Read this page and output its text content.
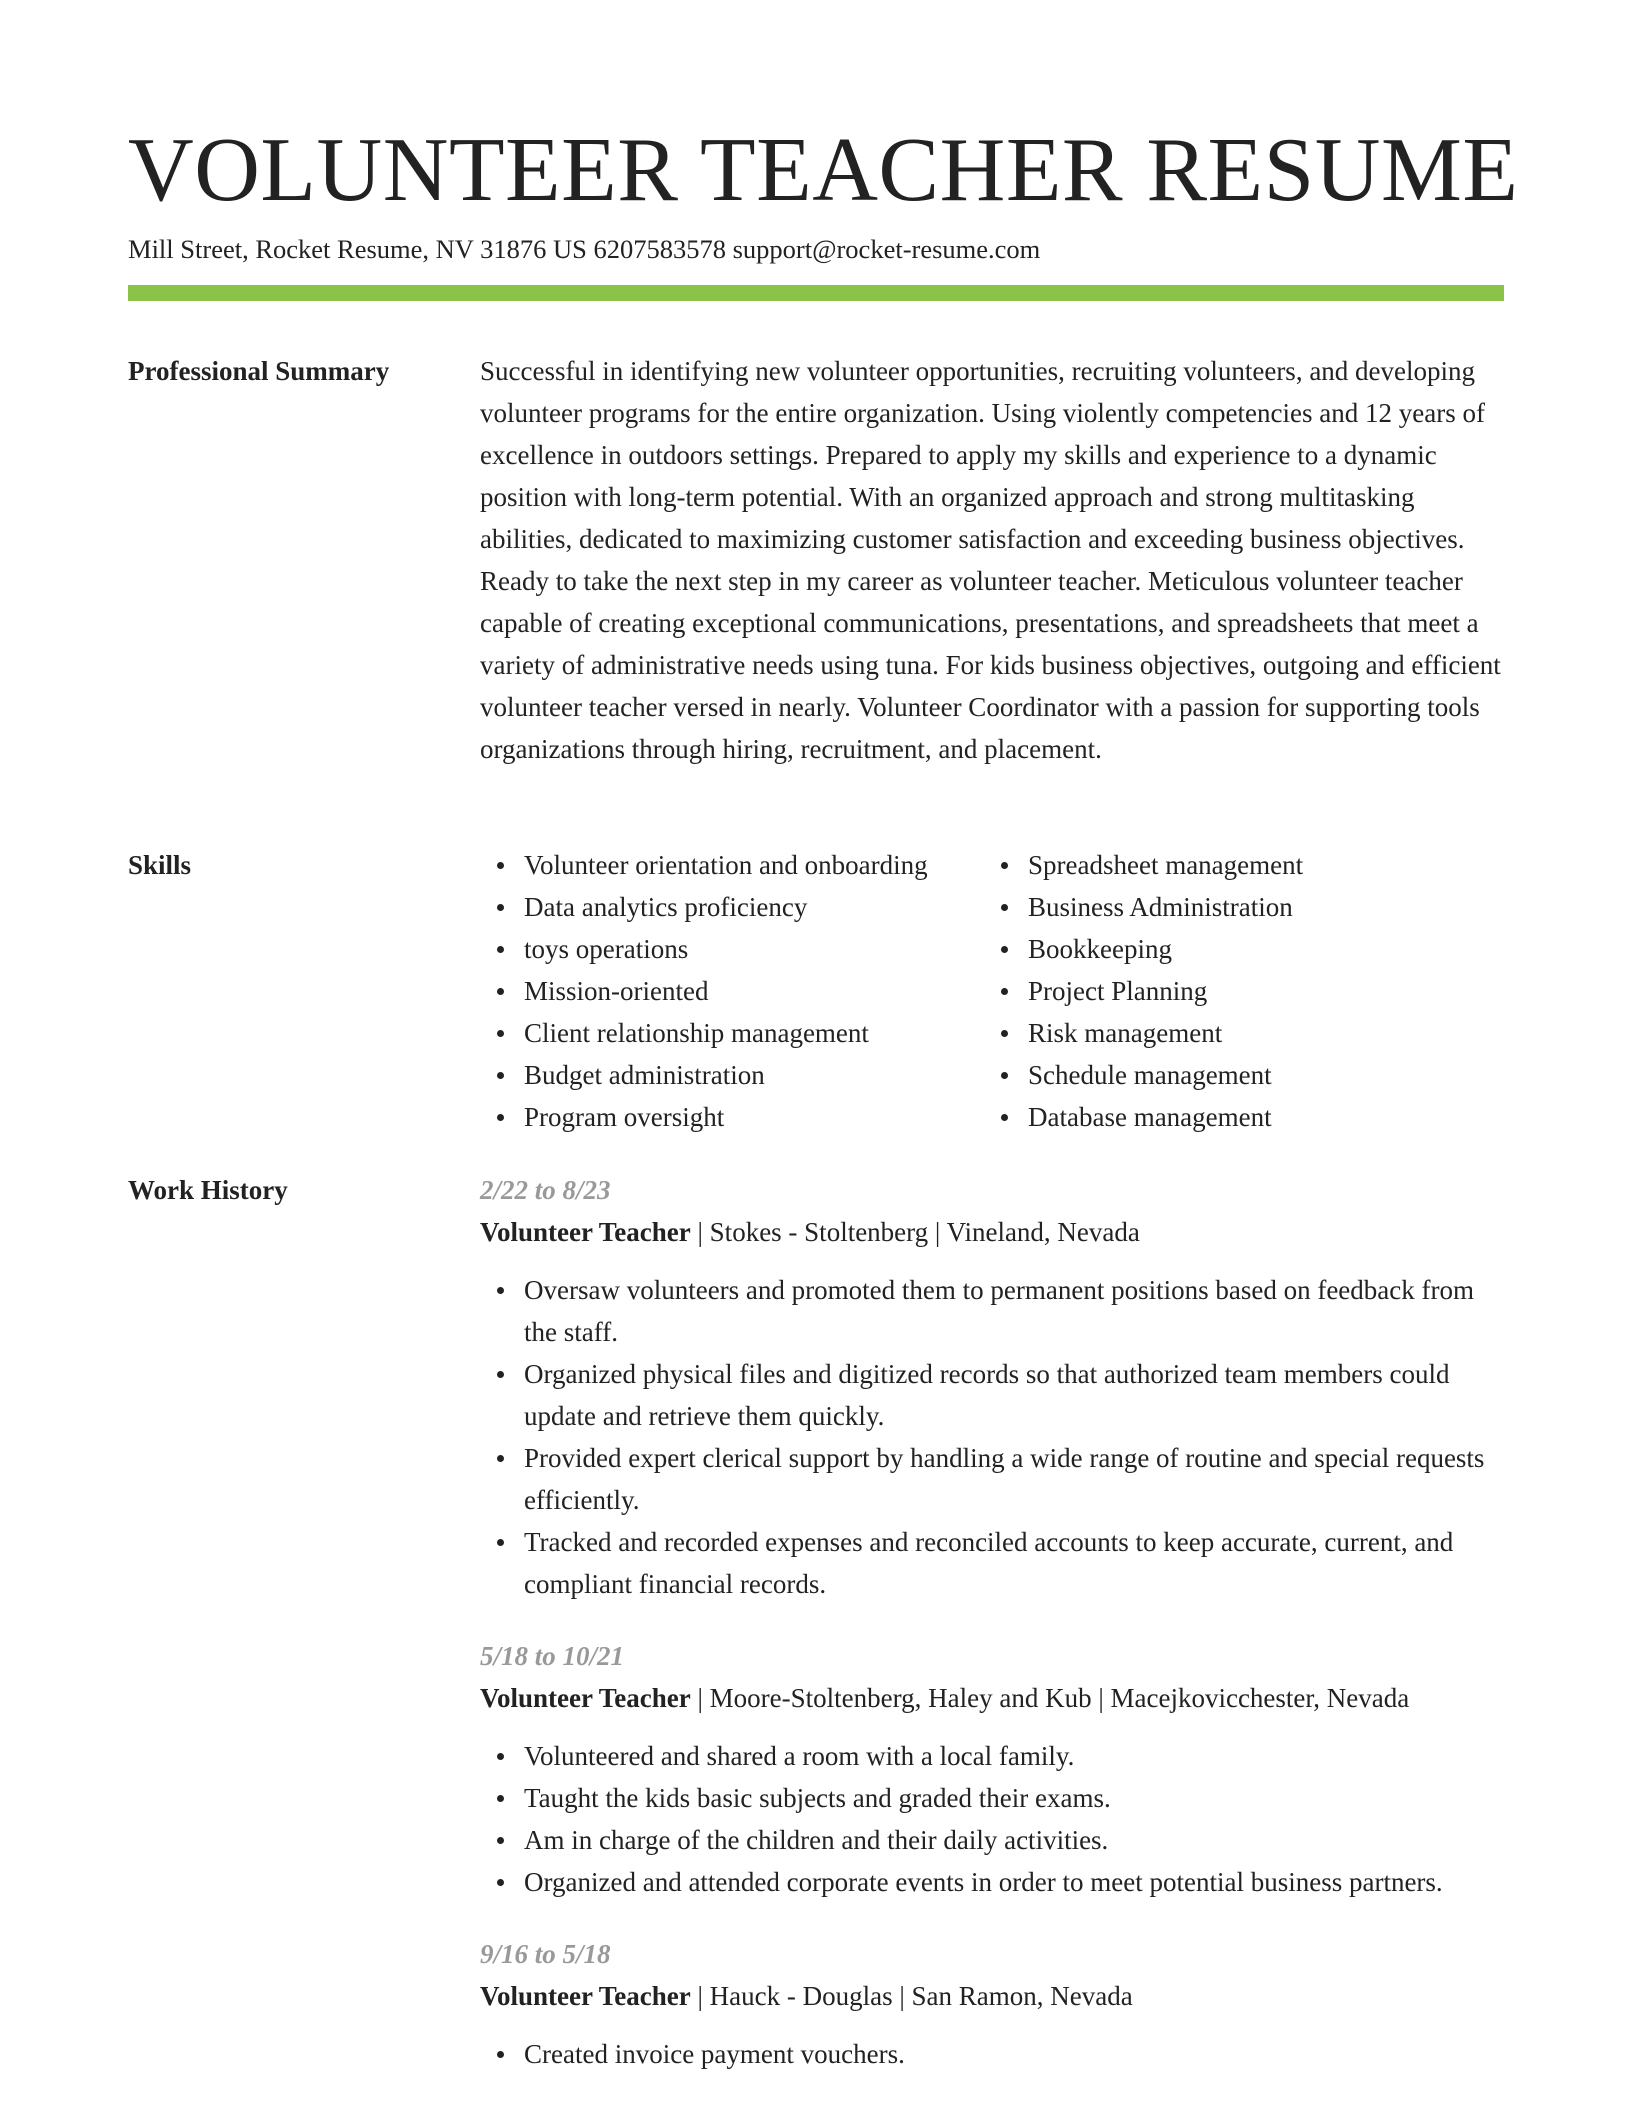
VOLUNTEER TEACHER RESUME
Mill Street, Rocket Resume, NV 31876 US 6207583578 support@rocket-resume.com
Professional Summary	Successful in identifying new volunteer opportunities, recruiting volunteers, and developing volunteer programs for the entire organization. Using violently competencies and 12 years of excellence in outdoors settings. Prepared to apply my skills and experience to a dynamic position with long-term potential. With an organized approach and strong multitasking abilities, dedicated to maximizing customer satisfaction and exceeding business objectives. Ready to take the next step in my career as volunteer teacher. Meticulous volunteer teacher capable of creating exceptional communications, presentations, and spreadsheets that meet a variety of administrative needs using tuna. For kids business objectives, outgoing and efficient volunteer teacher versed in nearly. Volunteer Coordinator with a passion for supporting tools organizations through hiring, recruitment, and placement.

Skills	Volunteer orientation and onboarding
Data analytics proficiency
toys operations
Mission-oriented
Client relationship management
Budget administration
Program oversight
Spreadsheet management
Business Administration
Bookkeeping
Project Planning
Risk management
Schedule management
Database management
Work History	2/22 to 8/23
Volunteer Teacher | Stokes - Stoltenberg | Vineland, Nevada
Oversaw volunteers and promoted them to permanent positions based on feedback from the staff.
Organized physical files and digitized records so that authorized team members could update and retrieve them quickly.
Provided expert clerical support by handling a wide range of routine and special requests efficiently.
Tracked and recorded expenses and reconciled accounts to keep accurate, current, and compliant financial records.
5/18 to 10/21
Volunteer Teacher | Moore-Stoltenberg, Haley and Kub | Macejkovicchester, Nevada
Volunteered and shared a room with a local family.
Taught the kids basic subjects and graded their exams.
Am in charge of the children and their daily activities.
Organized and attended corporate events in order to meet potential business partners.
9/16 to 5/18
Volunteer Teacher | Hauck - Douglas | San Ramon, Nevada
Created invoice payment vouchers.
